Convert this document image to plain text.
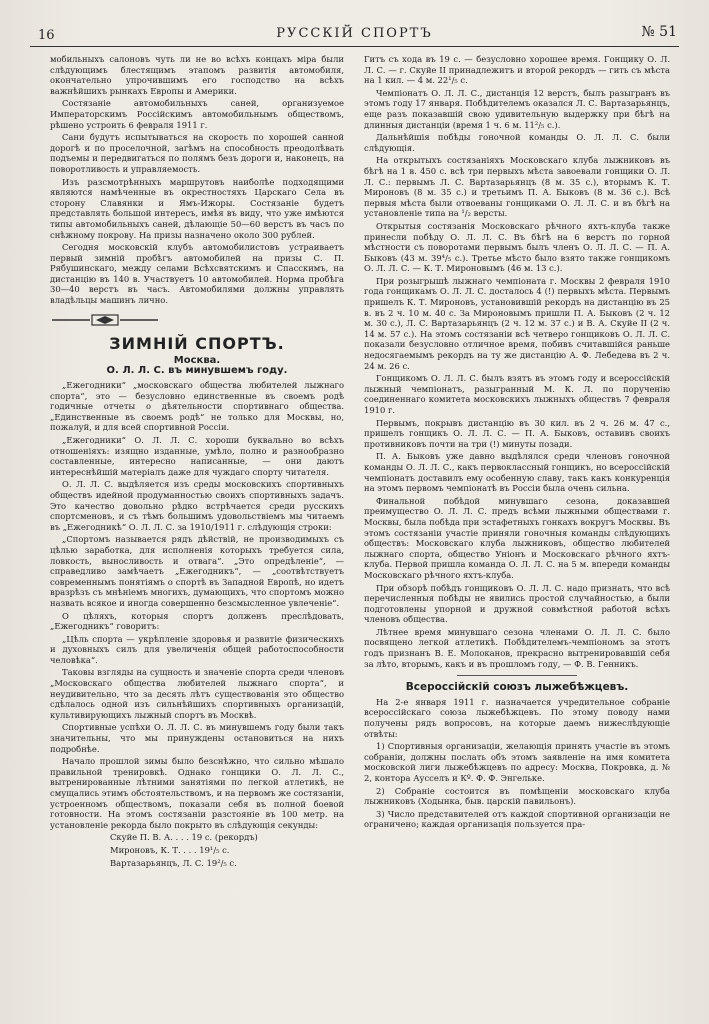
16	РУССКIЙ СПОРТЪ	№ 51

мобильныхъ салоновъ чуть ли не во всѣхъ концахъ міра были слѣдующимъ блестящимъ этапомъ развитія автомобиля, окончательно упрочившимъ его господство на всѣхъ важнѣйшихъ рынкахъ Европы и Америки.

Состязаніе автомобильныхъ саней, организуемое Императорскимъ Россійскимъ автомобильнымъ обществомъ, рѣшено устроить 6 февраля 1911 г.

Сани будутъ испытываться на скорость по хорошей санной дорогѣ и по проселочной, загѣмъ на способность преодолѣвать подъемы и передвигаться по полямъ безъ дороги и, наконецъ, на поворотливость и управляемость.

Изъ разсмотрѣнныхъ маршрутовъ наиболѣе подходящими являются намѣченные въ окрестностяхъ Царскаго Села въ сторону Славянки и Ямъ-Ижоры. Состязаніе будетъ представлять большой интересъ, имѣя въ виду, что уже имѣются типы автомобильныхъ саней, дѣлающіе 50—60 верстъ въ часъ по снѣжному покрову. На призы назначено около 300 рублей.

Сегодня московскій клубъ автомобилистовъ устраиваетъ первый зимній пробѣгъ автомобилей на призы С. П. Рябушинскаго, между селами Всѣхсвятскимъ и Спасскимъ, на дистанцію въ 140 в. Участвуетъ 10 автомобилей. Норма пробѣга 30—40 верстъ въ часъ. Автомобилями должны управлять владѣльцы машинъ лично.

ЗИМНIЙ СПОРТЪ.
Москва.
О. Л. Л. С. въ минувшемъ году.

„Ежегодники“ „московскаго общества любителей лыжнаго спорта“, это — безусловно единственные въ своемъ родѣ годичные отчеты о дѣятельности спортивнаго общества. „Единственные въ своемъ родѣ“ не только для Москвы, но, пожалуй, и для всей спортивной Россіи.

„Ежегодники“ О. Л. Л. С. хороши буквально во всѣхъ отношеніяхъ: изящно изданные, умѣло, полно и разнообразно составленные, интересно написанные, — они даютъ интереснѣйшій матеріалъ даже для чуждаго спорту читателя.

О. Л. Л. С. выдѣляется изъ среды московскихъ спортивныхъ обществъ идейной продуманностью своихъ спортивныхъ задачъ. Это качество довольно рѣдко встрѣчается среди русскихъ спортсменовъ, и съ тѣмъ большимъ удовольствіемъ мы читаемъ въ „Ежегодникѣ“ О. Л. Л. С. за 1910/1911 г. слѣдующія строки:

„Спортомъ называется рядъ дѣйствій, не производимыхъ съ цѣлью заработка, для исполненія которыхъ требуется сила, ловкость, выносливость и отвага“. „Это опредѣленіе“, — справедливо замѣчаетъ „Ежегодникъ“, — „соотвѣтствуетъ современнымъ понятіямъ о спортѣ въ Западной Европѣ, но идетъ вразрѣзъ съ мнѣніемъ многихъ, думающихъ, что спортомъ можно назвать всякое и иногда совершенно безсмысленное увлеченіе“.

О цѣляхъ, которыя спортъ долженъ преслѣдовать, „Ежегодникъ“ говоритъ:

„Цѣль спорта — укрѣпленіе здоровья и развитіе физическихъ и духовныхъ силъ для увеличенія общей работоспособности человѣка“.

Таковы взгляды на сущность и значеніе спорта среди членовъ „Московскаго общества любителей лыжнаго спорта“, и неудивительно, что за десять лѣтъ существованія это общество сдѣлалось одной изъ сильнѣйшихъ спортивныхъ организацій, культивирующихъ лыжный спортъ въ Москвѣ.

Спортивные успѣхи О. Л. Л. С. въ минувшемъ году были такъ значительны, что мы принуждены остановиться на нихъ подробнѣе.

Начало прошлой зимы было безснѣжно, что сильно мѣшало правильной тренировкѣ. Однако гонщики О. Л. Л. С., вытренированные лѣтними занятіями по легкой атлетикѣ, не смущались этимъ обстоятельствомъ, и на первомъ же состязаніи, устроенномъ обществомъ, показали себя въ полной боевой готовности. На этомъ состязаніи разстояніе въ 100 метр. на установленіе рекорда было покрыто въ слѣдующія секунды:

Скуйе П. В. А. . . . 19 с. (рекордъ)

Мироновъ, К. Т. . . . 19¹/₅ с.

Вартазарьянцъ, Л. С. 19²/₅ с.

Гитъ съ хода въ 19 с. — безусловно хорошее время. Гонщику О. Л. Л. С. — г. Скуйе II принадлежитъ и второй рекордъ — гить съ мѣста на 1 кил. — 4 м. 22¹/₅ с.

Чемпіонатъ О. Л. Л. С., дистанція 12 верстъ, былъ разыгранъ въ этомъ году 17 января. Побѣдителемъ оказался Л. С. Вартазарьянцъ, еще разъ показавшій свою удивительную выдержку при бѣгѣ на длинныя дистанціи (время 1 ч. 6 м. 11²/₅ с.).

Дальнѣйшія побѣды гоночной команды О. Л. Л. С. были слѣдующія.

На открытыхъ состязаніяхъ Московскаго клуба лыжниковъ въ бѣгѣ на 1 в. 450 с. всѣ три первыхъ мѣста завоевали гонщики О. Л. Л. С.: первымъ Л. С. Вартазарьянцъ (8 м. 35 с.), вторымъ К. Т. Мироновъ (8 м. 35 с.) и третьимъ П. А. Быковъ (8 м. 36 с.). Всѣ первыя мѣста были отвоеваны гонщиками О. Л. Л. С. и въ бѣгѣ на установленіе типа на ¹/₂ версты.

Открытыя состязанія Московскаго рѣчного яхтъ-клуба также принесли побѣду О. Л. Л. С. Въ бѣгѣ на 6 верстъ по горной мѣстности съ поворотами первымъ былъ членъ О. Л. Л. С. — П. А. Быковъ (43 м. 39⁴/₅ с.). Третье мѣсто было взято также гонщикомъ О. Л. Л. С. — К. Т. Мироновымъ (46 м. 13 с.).

При розыгрышѣ лыжнаго чемпіоната г. Москвы 2 февраля 1910 года гонщикамъ О. Л. Л. С. досталось 4 (!) первыхъ мѣста. Первымъ пришелъ К. Т. Мироновъ, установившій рекордъ на дистанцію въ 25 в. въ 2 ч. 10 м. 40 с. За Мироновымъ пришли П. А. Быковъ (2 ч. 12 м. 30 с.), Л. С. Вартазарьянцъ (2 ч. 12 м. 37 с.) и В. А. Скуйе II (2 ч. 14 м. 57 с.). На этомъ состязаніи всѣ четверо гонщиковъ О. Л. Л. С. показали безусловно отличное время, побивъ считавшійся раньше недосягаемымъ рекордъ на ту же дистанцію А. Ф. Лебедева въ 2 ч. 24 м. 26 с.

Гонщикомъ О. Л. Л. С. былъ взятъ въ этомъ году и всероссійскій лыжный чемпіонатъ, разыгранный М. К. Л. по порученію соединеннаго комитета московскихъ лыжныхъ обществъ 7 февраля 1910 г.

Первымъ, покрывъ дистанцію въ 30 кил. въ 2 ч. 26 м. 47 с., пришелъ гонщикъ О. Л. Л. С. — П. А. Быковъ, оставивъ своихъ противниковъ почти на три (!) минуты позади.

П. А. Быковъ уже давно выдѣлялся среди членовъ гоночной команды О. Л. Л. С., какъ первоклассный гонщикъ, но всероссійскій чемпіонатъ доставилъ ему особенную славу, такъ какъ конкуренція на этомъ первомъ чемпіонатѣ въ Россіи была очень сильна.

Финальной побѣдой минувшаго сезона, доказавшей преимущество О. Л. Л. С. предъ всѣми лыжными обществами г. Москвы, была побѣда при эстафетныхъ гонкахъ вокругъ Москвы. Въ этомъ состязаніи участіе приняли гоночныя команды слѣдующихъ обществъ: Московскаго клуба лыжниковъ, общество любителей лыжнаго спорта, общество Унiонъ и Московскаго рѣчного яхтъ-клуба. Первой пришла команда О. Л. Л. С. на 5 м. впереди команды Московскаго рѣчного яхтъ-клуба.

При обзорѣ побѣдъ гонщиковъ О. Л. Л. С. надо признать, что всѣ перечисленныя побѣды не явились простой случайностью, а были подготовлены упорной и дружной совмѣстной работой всѣхъ членовъ общества.

Лѣтнее время минувшаго сезона членами О. Л. Л. С. было посвящено легкой атлетикѣ. Побѣдителемъ-чемпіономъ за этотъ годъ признанъ В. Е. Молоканов, прекрасно вытренировавшій себя за лѣто, вторымъ, какъ и въ прошломъ году, — Ф. В. Генникъ.

Всероссiйскiй союзъ лыжебѣжцевъ.

На 2-е января 1911 г. назначается учредительное собраніе всероссійскаго союза лыжебѣжцевъ. По этому поводу нами получены рядъ вопросовъ, на которые даемъ нижеслѣдующіе отвѣты:

1) Спортивныя организаціи, желающія принять участіе въ этомъ собраніи, должны послать объ этомъ заявленіе на имя комитета московской лиги лыжебѣжцевъ по адресу: Москва, Покровка, д. № 2, контора Аусселъ и Кº. Ф. Ф. Энгельке.

2) Собраніе состоится въ помѣщеніи московскаго клуба лыжниковъ (Ходынка, быв. царскій павильонъ).

3) Число представителей отъ каждой спортивной организаціи не ограничено; каждая организація пользуется пра-
